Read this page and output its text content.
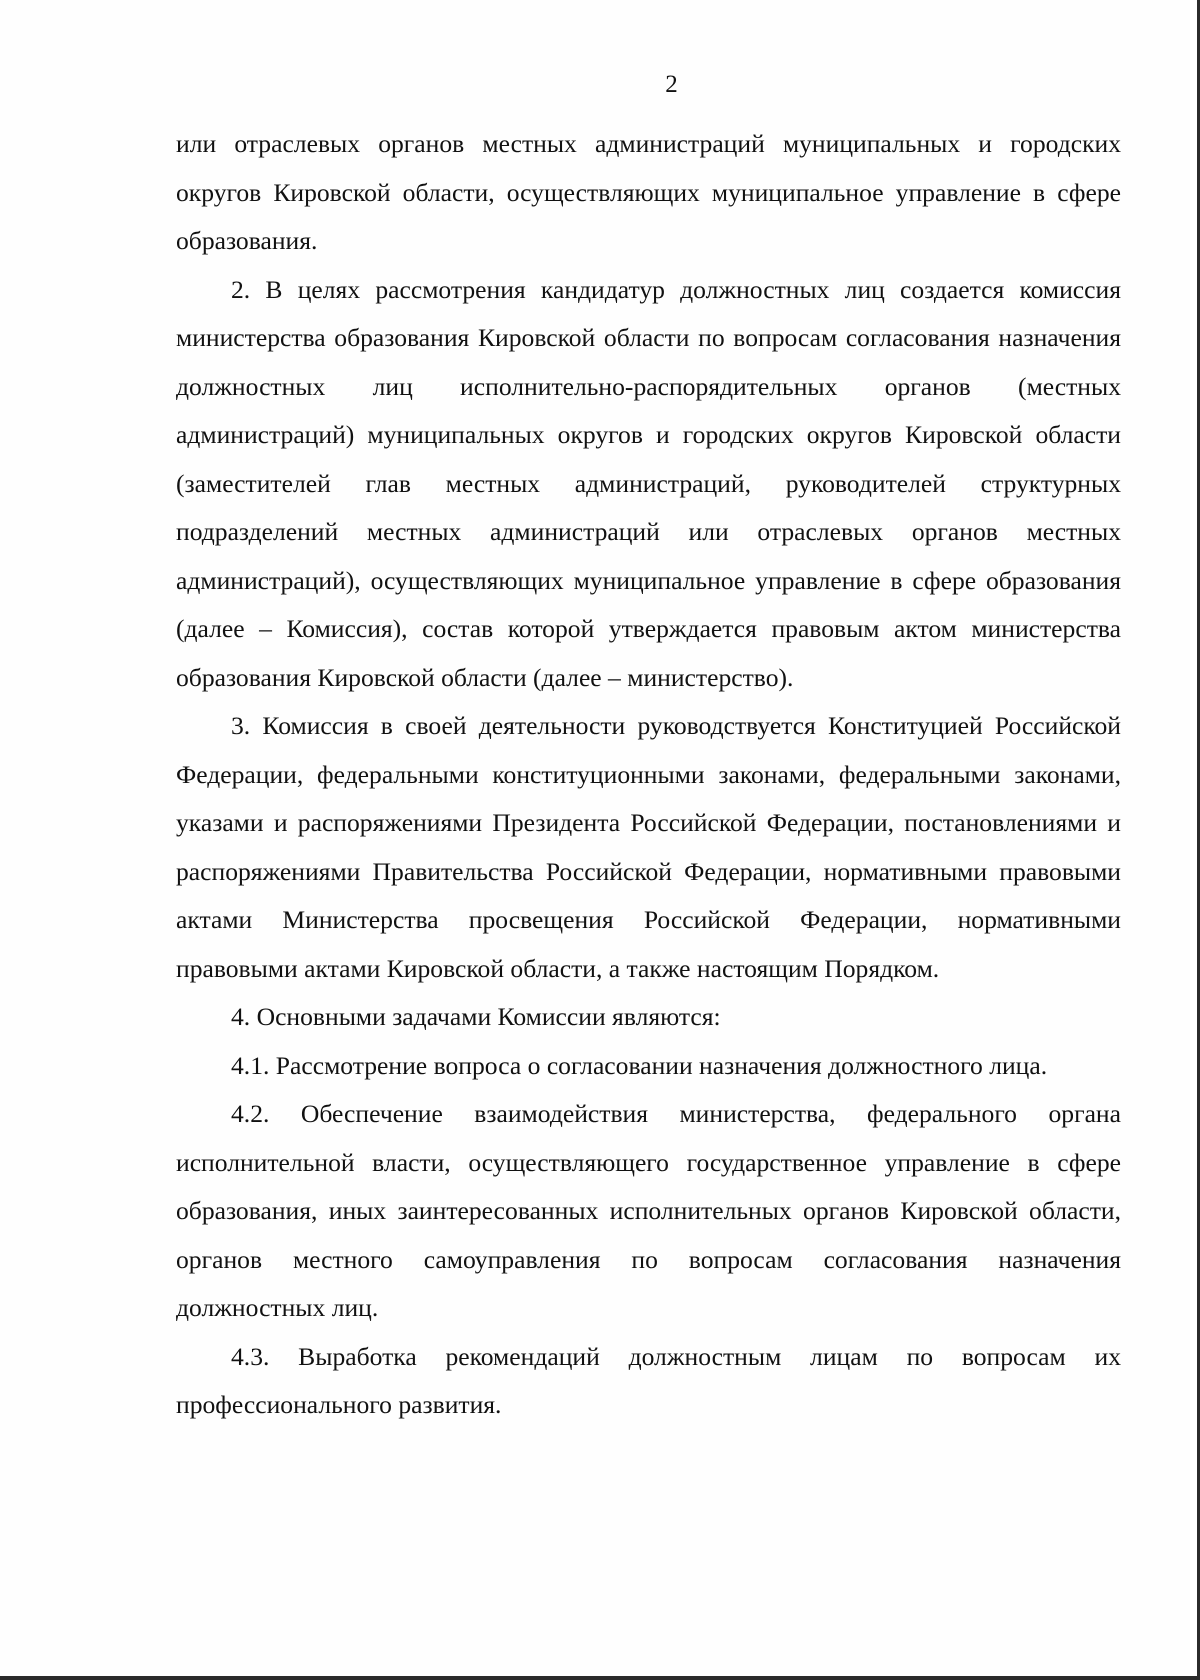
2

или отраслевых органов местных администраций муниципальных и городских округов Кировской области, осуществляющих муниципальное управление в сфере образования.

2. В целях рассмотрения кандидатур должностных лиц создается комиссия министерства образования Кировской области по вопросам согласования назначения должностных лиц исполнительно-распорядительных органов (местных администраций) муниципальных округов и городских округов Кировской области (заместителей глав местных администраций, руководителей структурных подразделений местных администраций или отраслевых органов местных администраций), осуществляющих муниципальное управление в сфере образования (далее – Комиссия), состав которой утверждается правовым актом министерства образования Кировской области (далее – министерство).

3. Комиссия в своей деятельности руководствуется Конституцией Российской Федерации, федеральными конституционными законами, федеральными законами, указами и распоряжениями Президента Российской Федерации, постановлениями и распоряжениями Правительства Российской Федерации, нормативными правовыми актами Министерства просвещения Российской Федерации, нормативными правовыми актами Кировской области, а также настоящим Порядком.

4. Основными задачами Комиссии являются:

4.1. Рассмотрение вопроса о согласовании назначения должностного лица.

4.2. Обеспечение взаимодействия министерства, федерального органа исполнительной власти, осуществляющего государственное управление в сфере образования, иных заинтересованных исполнительных органов Кировской области, органов местного самоуправления по вопросам согласования назначения должностных лиц.

4.3. Выработка рекомендаций должностным лицам по вопросам их профессионального развития.
